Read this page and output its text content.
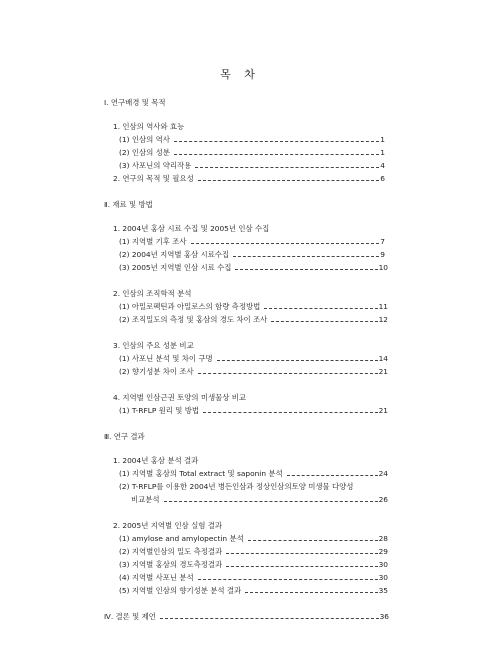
목 차
Ⅰ. 연구배경 및 목적
1. 인삼의 역사와 효능
(1) 인삼의 역사	1
(2) 인삼의 성분	1
(3) 사포닌의 약리작용	4
2. 연구의 목적 및 필요성	6
Ⅱ. 재료 및 방법
1. 2004년 홍삼 시료 수집 및 2005년 인삼 수집
(1) 지역별 기후 조사	7
(2) 2004년 지역별 홍삼 시료수집	9
(3) 2005년 지역별 인삼 시료 수집	10
2. 인삼의 조직학적 분석
(1) 아밀로펙틴과 아밀로스의 함량 측정방법	11
(2) 조직밀도의 측정 및 홍삼의 경도 차이 조사	12
3. 인삼의 주요 성분 비교
(1) 사포닌 분석 및 차이 구명	14
(2) 향기성분 차이 조사	21
4. 지역별 인삼근권 토양의 미생물상 비교
(1) T-RFLP 원리 및 방법	21
Ⅲ. 연구 결과
1. 2004년 홍삼 분석 결과
(1) 지역별 홍삼의 Total extract 및 saponin 분석	24
(2) T-RFLP를 이용한 2004년 병든인삼과 정상인삼의토양 미생물 다양성
비교분석	26
2. 2005년 지역별 인삼 실험 결과
(1) amylose and amylopectin 분석	28
(2) 지역별인삼의 밀도 측정결과	29
(3) 지역별 홍삼의 경도측정결과	30
(4) 지역별 사포닌 분석	30
(5) 지역별 인삼의 향기성분 분석 결과	35
Ⅳ. 결론 및 제언	36
